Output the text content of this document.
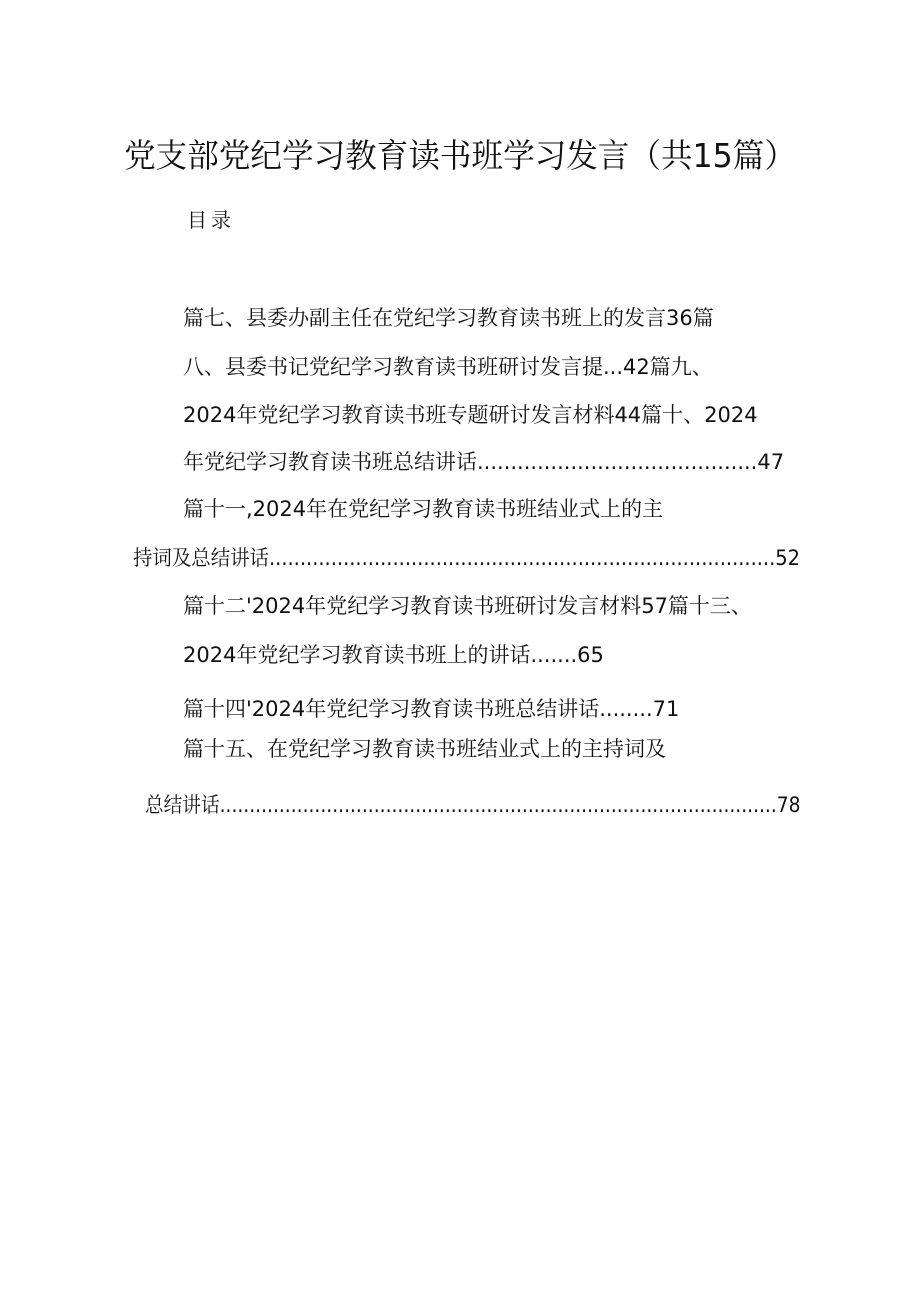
党支部党纪学习教育读书班学习发言（共15篇）
目录
篇七、县委办副主任在党纪学习教育读书班上的发言36篇
八、县委书记党纪学习教育读书班研讨发言提...42篇九、
2024年党纪学习教育读书班专题研讨发言材料44篇十、2024
年党纪学习教育读书班总结讲话..........................................47
篇十一,2024年在党纪学习教育读书班结业式上的主
持词及总结讲话..................................................................................52
篇十二'2024年党纪学习教育读书班研讨发言材料57篇十三、
2024年党纪学习教育读书班上的讲话.......65
篇十四'2024年党纪学习教育读书班总结讲话........71
篇十五、在党纪学习教育读书班结业式上的主持词及
总结讲话..............................................................................................78
